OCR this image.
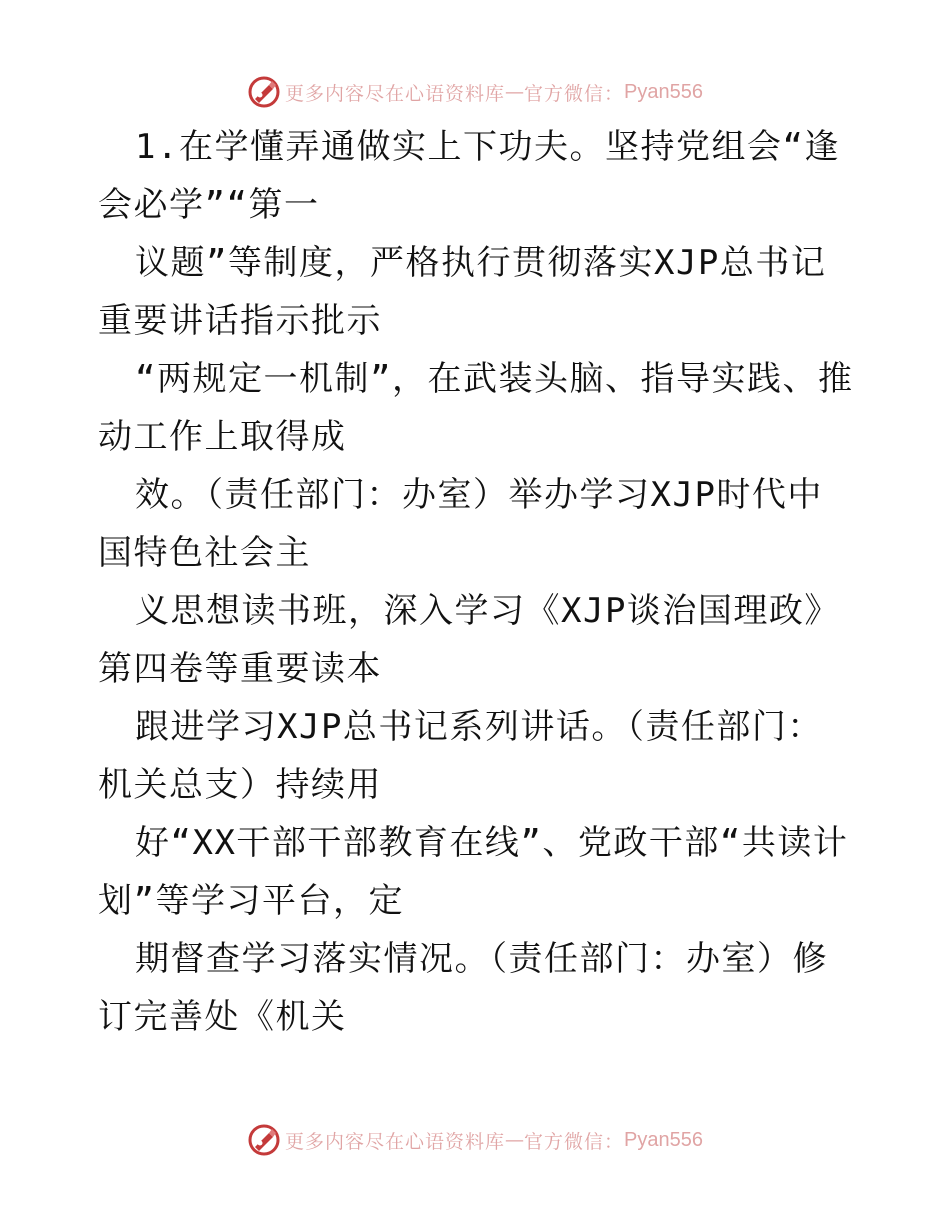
更多内容尽在心语资料库 — 官方微信： Pyan556

1.在学懂弄通做实上下功夫。坚持党组会“逢会必学”“第一

议题”等制度，严格执行贯彻落实XJP总书记重要讲话指示批示

“两规定一机制”，在武装头脑、指导实践、推动工作上取得成

效。（责任部门：办室）举办学习XJP时代中国特色社会主

义思想读书班，深入学习《XJP谈治国理政》第四卷等重要读本

跟进学习XJP总书记系列讲话。（责任部门：机关总支）持续用

好“XX干部干部教育在线”、党政干部“共读计划”等学习平台，定

期督查学习落实情况。（责任部门：办室）修订完善处《机关

更多内容尽在心语资料库 — 官方微信： Pyan556
